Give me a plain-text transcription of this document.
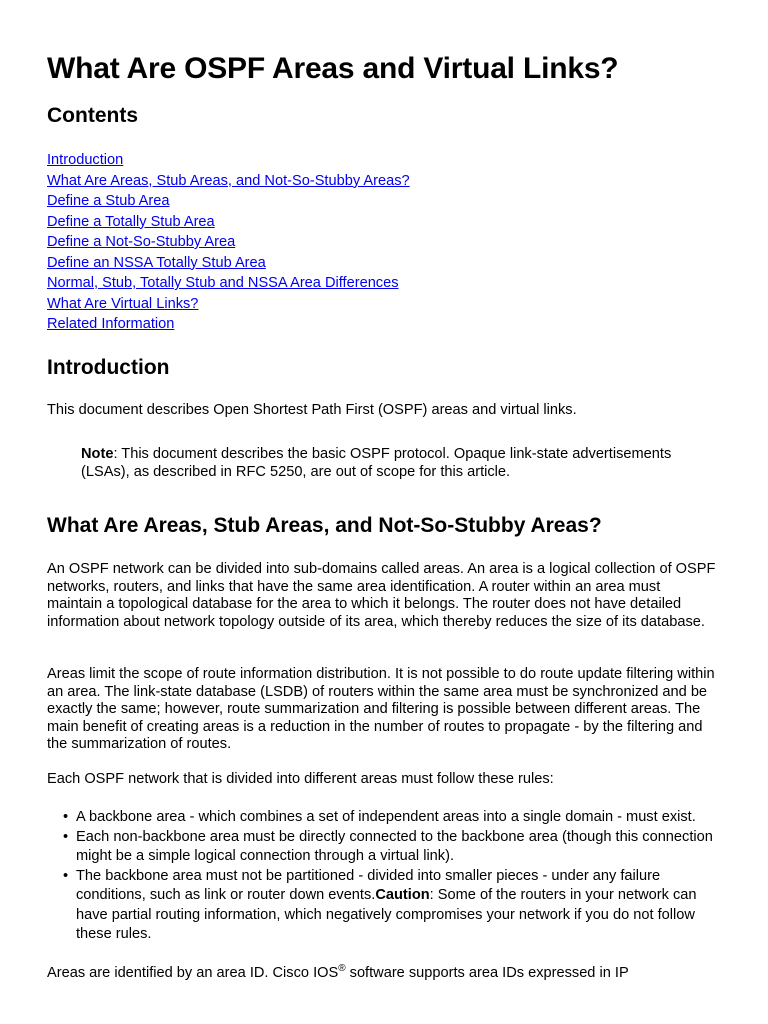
What Are OSPF Areas and Virtual Links?
Contents
Introduction
What Are Areas, Stub Areas, and Not-So-Stubby Areas?
Define a Stub Area
Define a Totally Stub Area
Define a Not-So-Stubby Area
Define an NSSA Totally Stub Area
Normal, Stub, Totally Stub and NSSA Area Differences
What Are Virtual Links?
Related Information
Introduction

This document describes Open Shortest Path First (OSPF) areas and virtual links.

Note: This document describes the basic OSPF protocol. Opaque link-state advertisements (LSAs), as described in RFC 5250, are out of scope for this article.

What Are Areas, Stub Areas, and Not-So-Stubby Areas?

An OSPF network can be divided into sub-domains called areas. An area is a logical collection of OSPF networks, routers, and links that have the same area identification. A router within an area must maintain a topological database for the area to which it belongs. The router does not have detailed information about network topology outside of its area, which thereby reduces the size of its database.

Areas limit the scope of route information distribution. It is not possible to do route update filtering within an area. The link-state database (LSDB) of routers within the same area must be synchronized and be exactly the same; however, route summarization and filtering is possible between different areas. The main benefit of creating areas is a reduction in the number of routes to propagate - by the filtering and the summarization of routes.

Each OSPF network that is divided into different areas must follow these rules:

• A backbone area - which combines a set of independent areas into a single domain - must exist.
• Each non-backbone area must be directly connected to the backbone area (though this connection might be a simple logical connection through a virtual link).
• The backbone area must not be partitioned - divided into smaller pieces - under any failure conditions, such as link or router down events.Caution: Some of the routers in your network can have partial routing information, which negatively compromises your network if you do not follow these rules.

Areas are identified by an area ID. Cisco IOS® software supports area IDs expressed in IP
